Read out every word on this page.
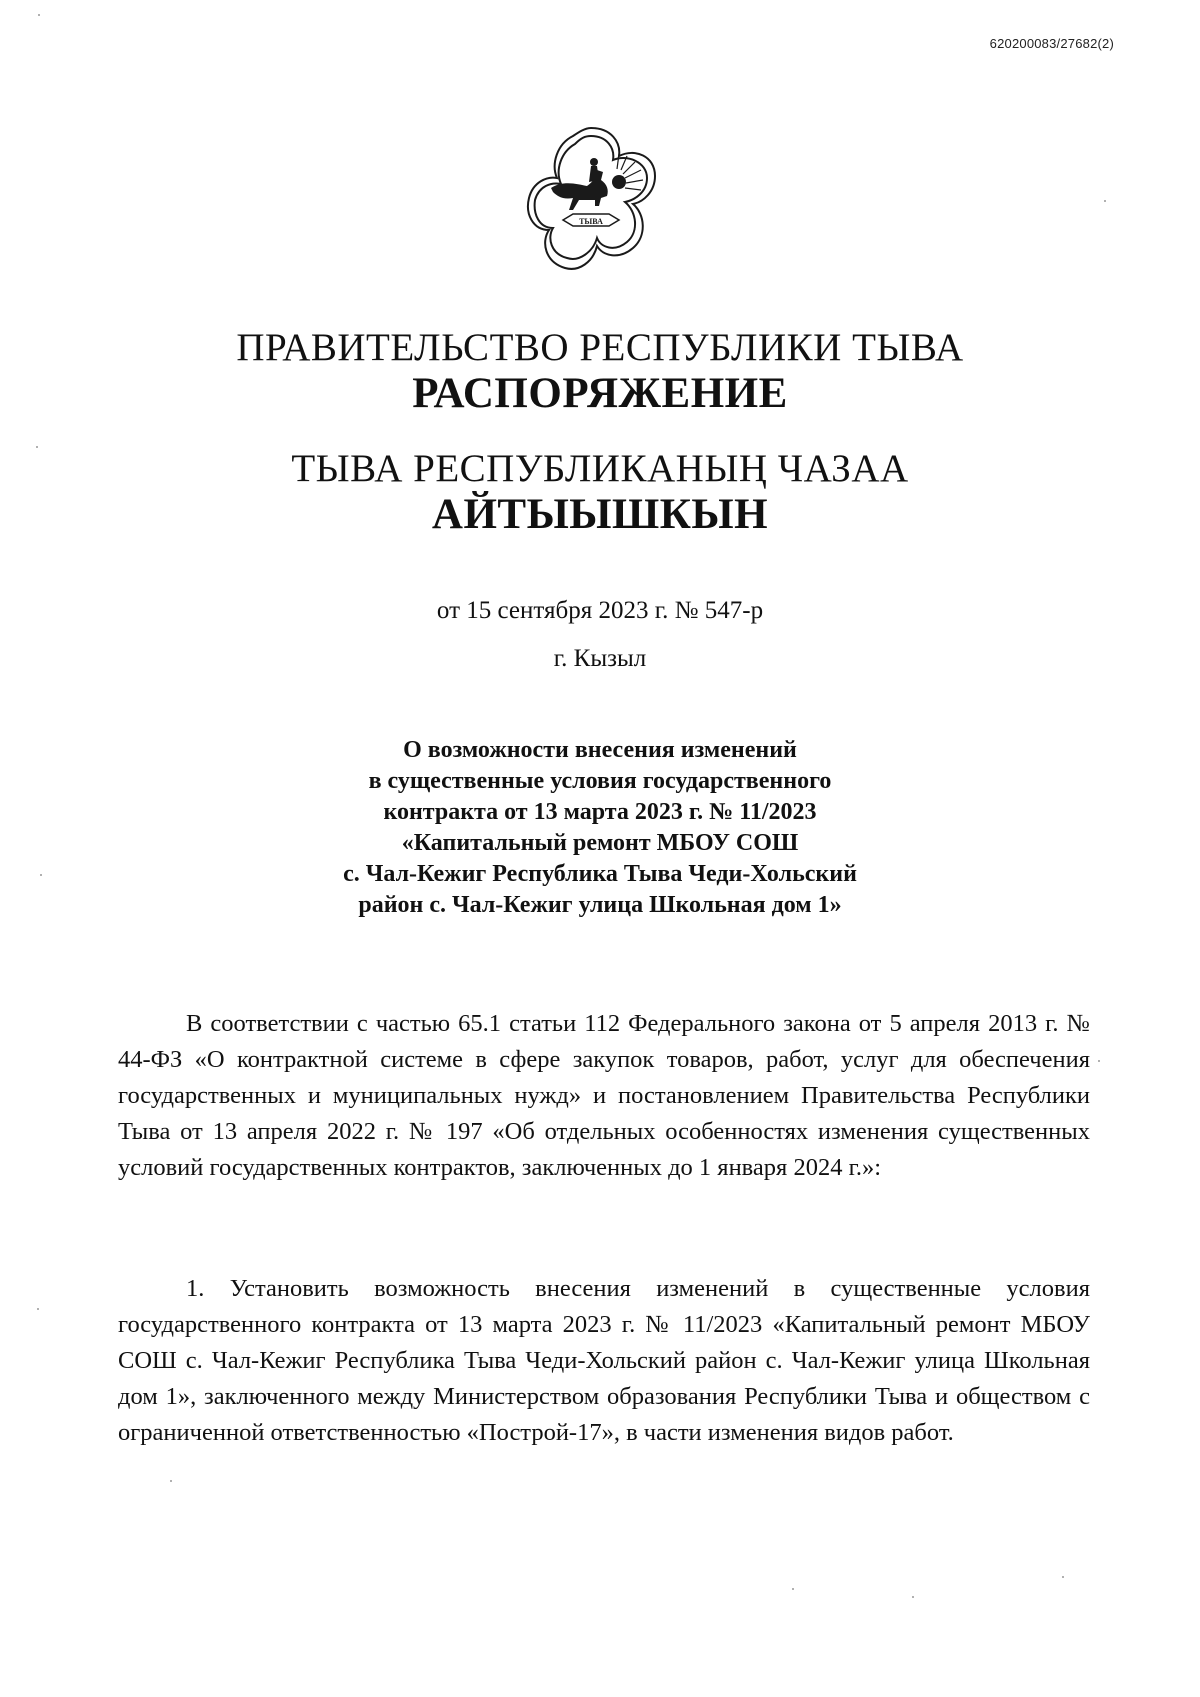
620200083/27682(2)
ТЫВА
ПРАВИТЕЛЬСТВО РЕСПУБЛИКИ ТЫВА
РАСПОРЯЖЕНИЕ
ТЫВА РЕСПУБЛИКАНЫҢ ЧАЗАА
АЙТЫЫШКЫН
от 15 сентября 2023 г. № 547-р
г. Кызыл
О возможности внесения изменений
в существенные условия государственного
контракта от 13 марта 2023 г. № 11/2023
«Капитальный ремонт МБОУ СОШ
с. Чал-Кежиг Республика Тыва Чеди-Хольский
район с. Чал-Кежиг улица Школьная дом 1»

В соответствии с частью 65.1 статьи 112 Федерального закона от 5 апреля 2013 г. № 44-ФЗ «О контрактной системе в сфере закупок товаров, работ, услуг для обеспечения государственных и муниципальных нужд» и постановлением Правительства Республики Тыва от 13 апреля 2022 г. № 197 «Об отдельных особенностях изменения существенных условий государственных контрактов, заключенных до 1 января 2024 г.»:

1. Установить возможность внесения изменений в существенные условия государственного контракта от 13 марта 2023 г. № 11/2023 «Капитальный ремонт МБОУ СОШ с. Чал-Кежиг Республика Тыва Чеди-Хольский район с. Чал-Кежиг улица Школьная дом 1», заключенного между Министерством образования Республики Тыва и обществом с ограниченной ответственностью «Построй-17», в части изменения видов работ.
